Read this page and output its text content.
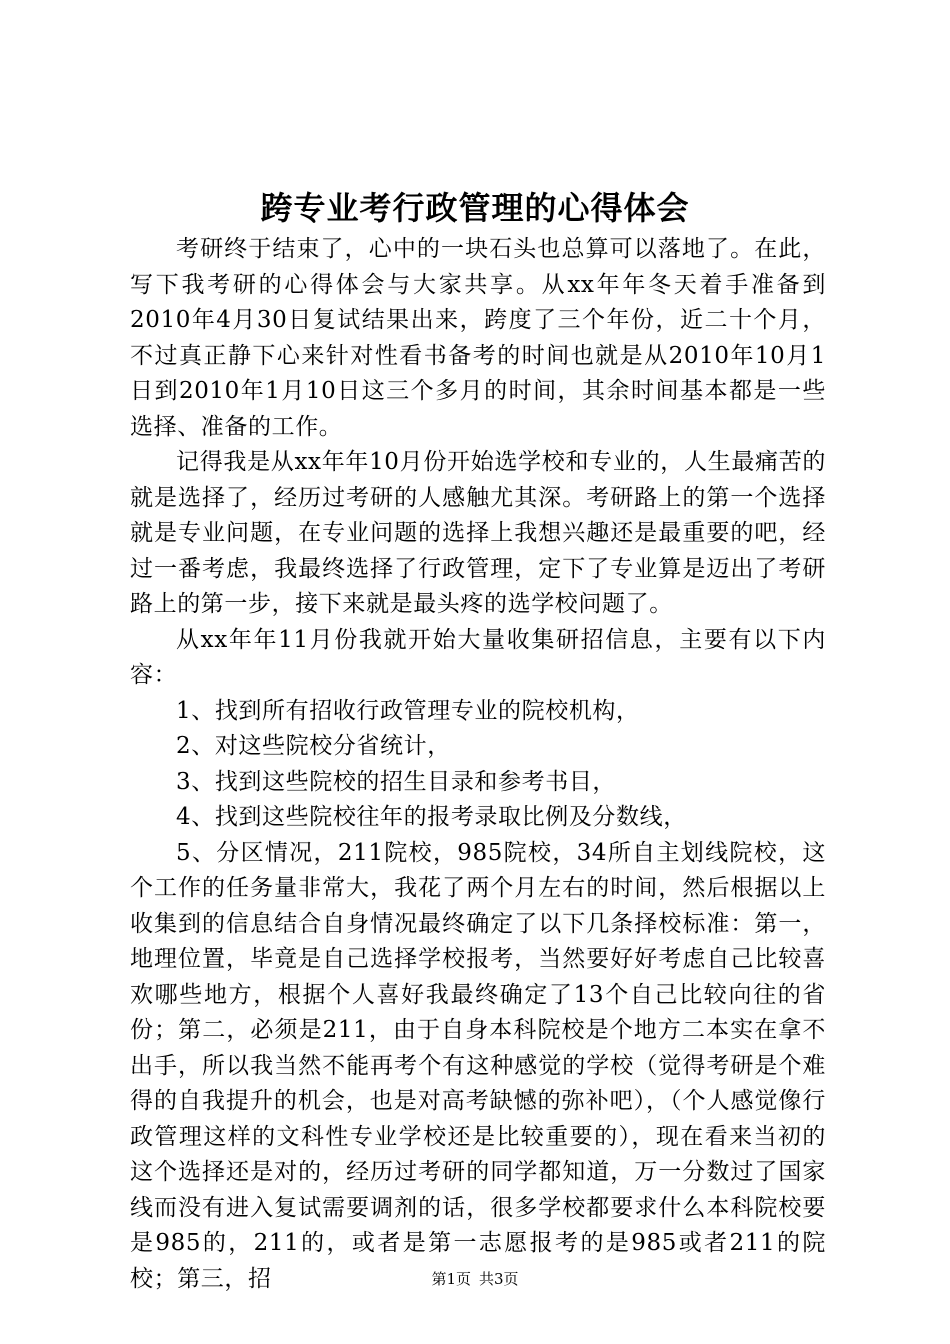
跨专业考行政管理的心得体会

考研终于结束了，心中的一块石头也总算可以落地了。在此，写下我考研的心得体会与大家共享。从xx年年冬天着手准备到2010年4月30日复试结果出来，跨度了三个年份，近二十个月，不过真正静下心来针对性看书备考的时间也就是从2010年10月1日到2010年1月10日这三个多月的时间，其余时间基本都是一些选择、准备的工作。

记得我是从xx年年10月份开始选学校和专业的，人生最痛苦的就是选择了，经历过考研的人感触尤其深。考研路上的第一个选择就是专业问题，在专业问题的选择上我想兴趣还是最重要的吧，经过一番考虑，我最终选择了行政管理，定下了专业算是迈出了考研路上的第一步，接下来就是最头疼的选学校问题了。

从xx年年11月份我就开始大量收集研招信息，主要有以下内容：

1、找到所有招收行政管理专业的院校机构，

2、对这些院校分省统计，

3、找到这些院校的招生目录和参考书目，

4、找到这些院校往年的报考录取比例及分数线，

5、分区情况，211院校，985院校，34所自主划线院校，这个工作的任务量非常大，我花了两个月左右的时间，然后根据以上收集到的信息结合自身情况最终确定了以下几条择校标准：第一，地理位置，毕竟是自己选择学校报考，当然要好好考虑自己比较喜欢哪些地方，根据个人喜好我最终确定了13个自己比较向往的省份；第二，必须是211，由于自身本科院校是个地方二本实在拿不出手，所以我当然不能再考个有这种感觉的学校（觉得考研是个难得的自我提升的机会，也是对高考缺憾的弥补吧），（个人感觉像行政管理这样的文科性专业学校还是比较重要的），现在看来当初的这个选择还是对的，经历过考研的同学都知道，万一分数过了国家线而没有进入复试需要调剂的话，很多学校都要求什么本科院校要是985的，211的，或者是第一志愿报考的是985或者211的院校；第三，招	第1页 共3页
